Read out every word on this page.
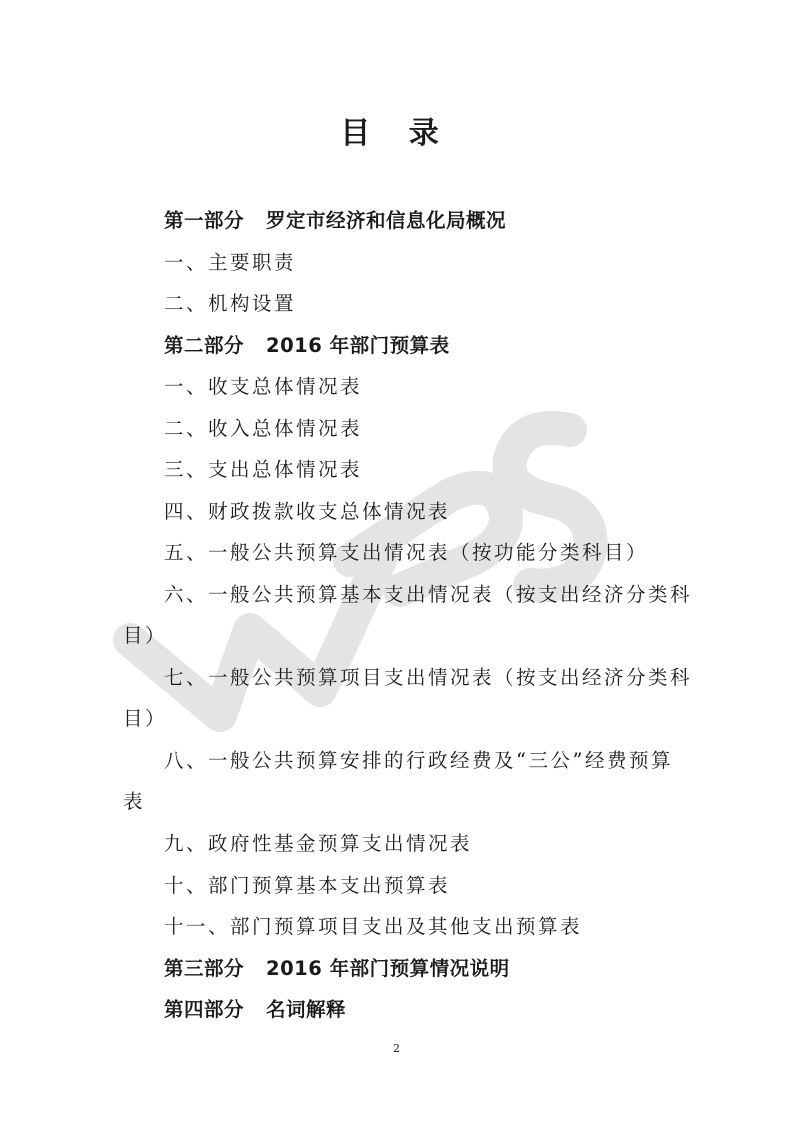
目 录
第一部分 罗定市经济和信息化局概况
一、主要职责
二、机构设置
第二部分 2016 年部门预算表
一、收支总体情况表
二、收入总体情况表
三、支出总体情况表
四、财政拨款收支总体情况表
五、一般公共预算支出情况表（按功能分类科目）
六、一般公共预算基本支出情况表（按支出经济分类科
目）
七、一般公共预算项目支出情况表（按支出经济分类科
目）
八、一般公共预算安排的行政经费及“三公”经费预算
表
九、政府性基金预算支出情况表
十、部门预算基本支出预算表
十一、部门预算项目支出及其他支出预算表
第三部分 2016 年部门预算情况说明
第四部分 名词解释
2
